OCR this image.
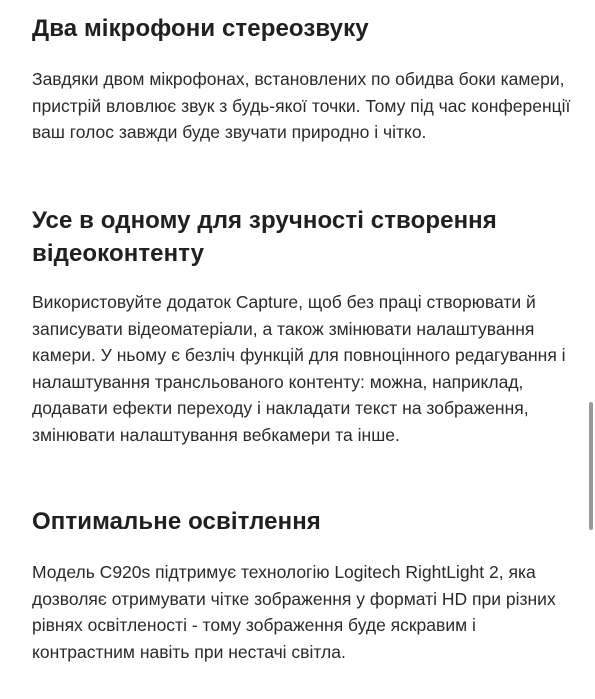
Два мікрофони стереозвуку

Завдяки двом мікрофонах, встановлених по обидва боки камери, пристрій вловлює звук з будь-якої точки. Тому під час конференції ваш голос завжди буде звучати природно і чітко.

Усе в одному для зручності створення відеоконтенту

Використовуйте додаток Capture, щоб без праці створювати й записувати відеоматеріали, а також змінювати налаштування камери. У ньому є безліч функцій для повноцінного редагування і налаштування трансльованого контенту: можна, наприклад, додавати ефекти переходу і накладати текст на зображення, змінювати налаштування вебкамери та інше.

Оптимальне освітлення

Модель C920s підтримує технологію Logitech RightLight 2, яка дозволяє отримувати чітке зображення у форматі HD при різних рівнях освітленості - тому зображення буде яскравим і контрастним навіть при нестачі світла.
